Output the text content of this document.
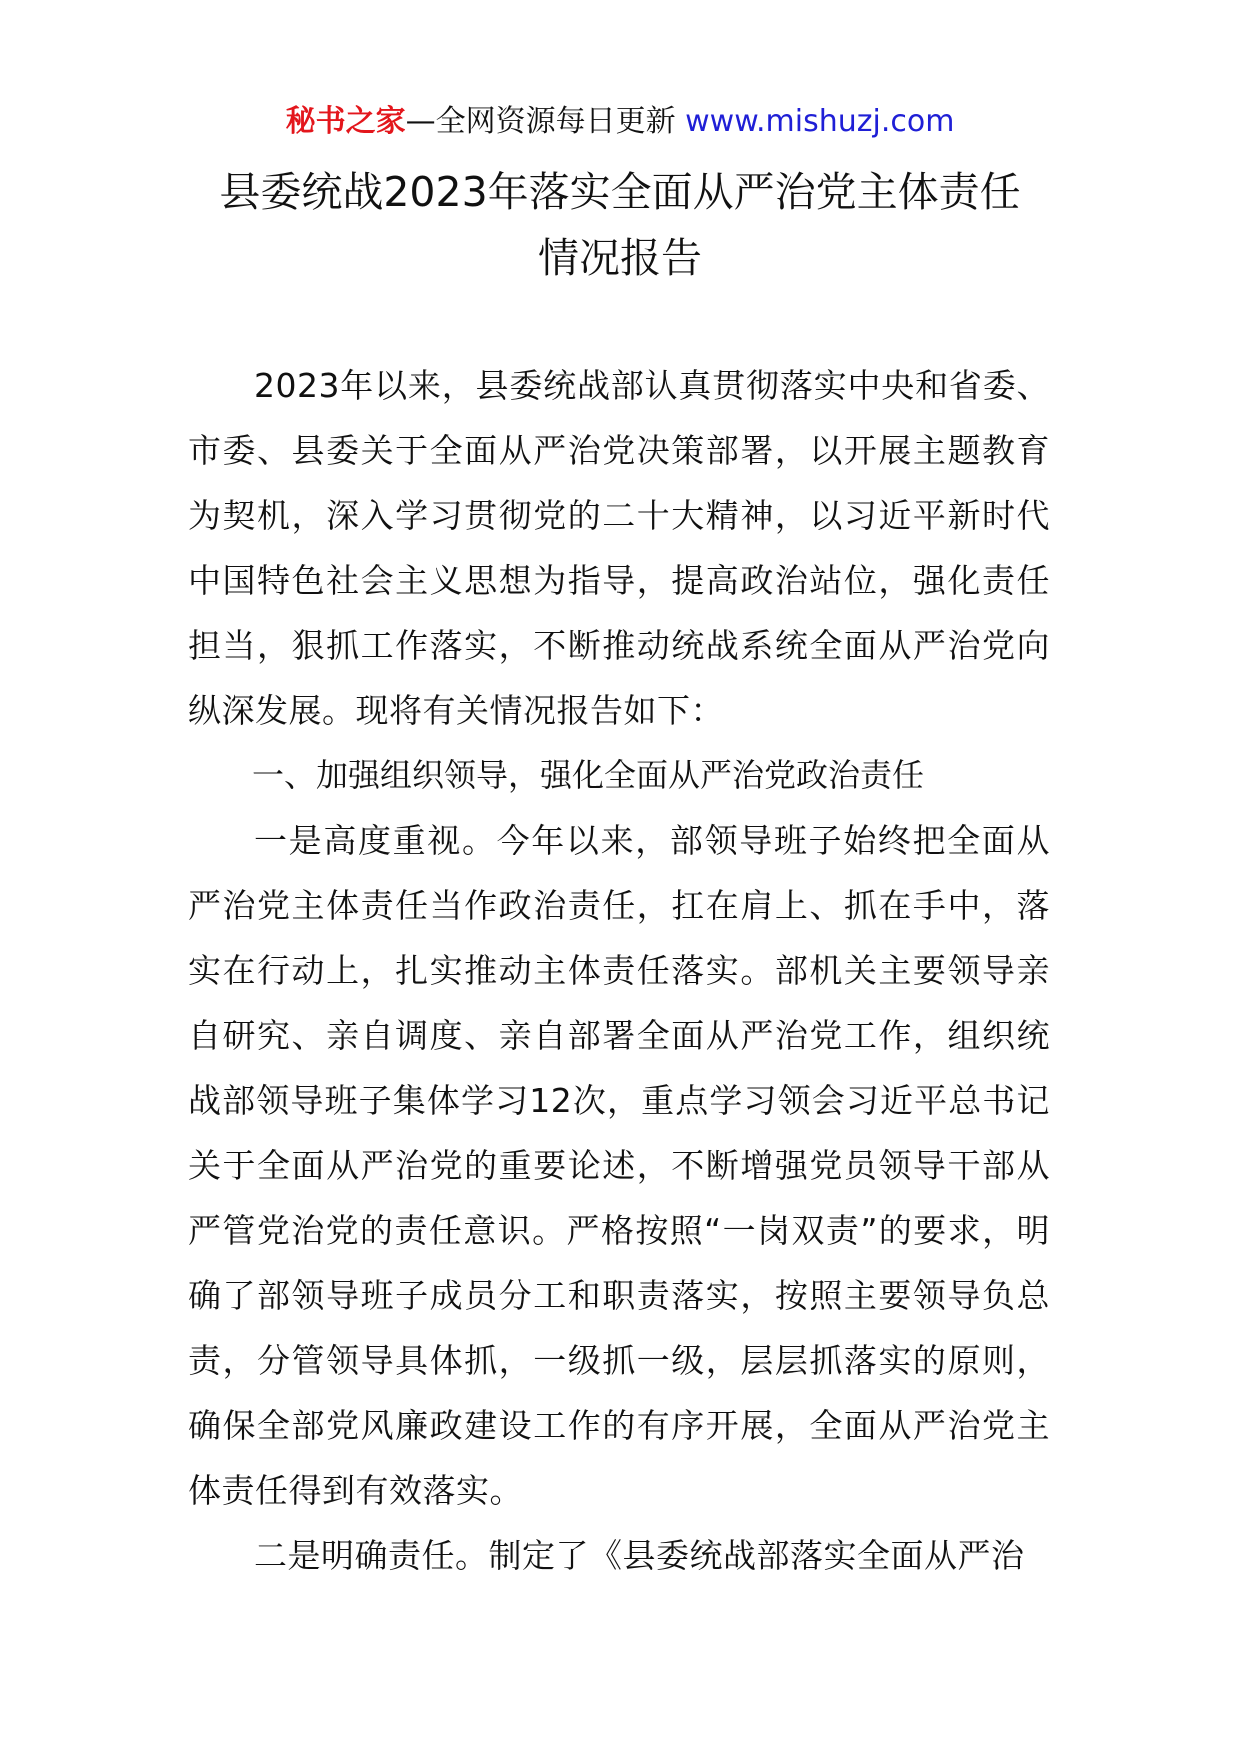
秘书之家—全网资源每日更新 www.mishuzj.com
县委统战2023年落实全面从严治党主体责任
情况报告

2023年以来，县委统战部认真贯彻落实中央和省委、市委、县委关于全面从严治党决策部署，以开展主题教育为契机，深入学习贯彻党的二十大精神，以习近平新时代中国特色社会主义思想为指导，提高政治站位，强化责任担当，狠抓工作落实，不断推动统战系统全面从严治党向纵深发展。现将有关情况报告如下：

一、加强组织领导，强化全面从严治党政治责任

一是高度重视。今年以来，部领导班子始终把全面从严治党主体责任当作政治责任，扛在肩上、抓在手中，落实在行动上，扎实推动主体责任落实。部机关主要领导亲自研究、亲自调度、亲自部署全面从严治党工作，组织统战部领导班子集体学习12次，重点学习领会习近平总书记关于全面从严治党的重要论述，不断增强党员领导干部从严管党治党的责任意识。严格按照“一岗双责”的要求，明确了部领导班子成员分工和职责落实，按照主要领导负总责，分管领导具体抓，一级抓一级，层层抓落实的原则，确保全部党风廉政建设工作的有序开展，全面从严治党主体责任得到有效落实。

二是明确责任。制定了《县委统战部落实全面从严治
